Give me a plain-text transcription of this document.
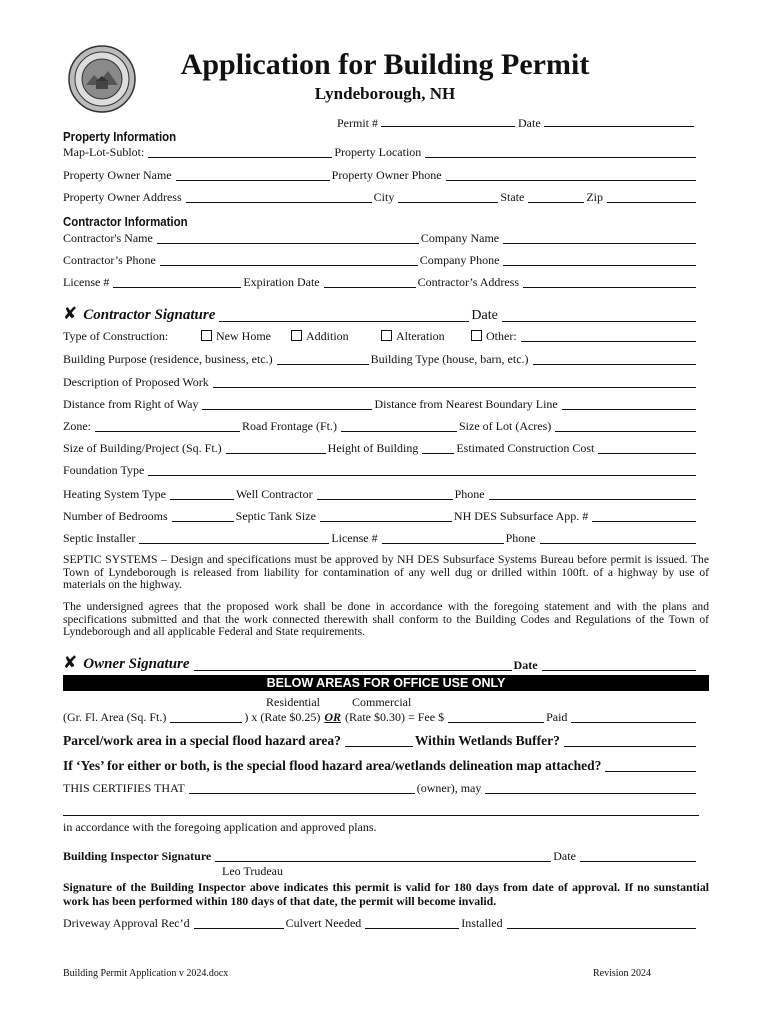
Application for Building Permit
Lyndeborough, NH
Permit #	Date
Property Information
Map-Lot-Sublot:	Property Location
Property Owner Name	Property Owner Phone
Property Owner Address	City	State	Zip
Contractor Information
Contractor's Name	Company Name
Contractor’s Phone	Company Phone
License #	Expiration Date	Contractor’s Address
✘ Contractor Signature	Date
Type of Construction:	New Home	Addition	Alteration	Other:
Building Purpose (residence, business, etc.)	Building Type (house, barn, etc.)
Description of Proposed Work
Distance from Right of Way	Distance from Nearest Boundary Line
Zone:	Road Frontage (Ft.)	Size of Lot (Acres)
Size of Building/Project (Sq. Ft.)	Height of Building	Estimated Construction Cost
Foundation Type
Heating System Type	Well Contractor	Phone
Number of Bedrooms	Septic Tank Size	NH DES Subsurface App. #
Septic Installer	License #	Phone
SEPTIC SYSTEMS – Design and specifications must be approved by NH DES Subsurface Systems Bureau before permit is issued. The Town of Lyndeborough is released from liability for contamination of any well dug or drilled within 100ft. of a highway by use of materials on the highway.
The undersigned agrees that the proposed work shall be done in accordance with the foregoing statement and with the plans and specifications submitted and that the work connected therewith shall conform to the Building Codes and Regulations of the Town of Lyndeborough and all applicable Federal and State requirements.
✘ Owner Signature	Date
BELOW AREAS FOR OFFICE USE ONLY
Residential	Commercial
(Gr. Fl. Area (Sq. Ft.)	) x (Rate $0.25) OR (Rate $0.30) = Fee $	Paid
Parcel/work area in a special flood hazard area?	Within Wetlands Buffer?
If ‘Yes’ for either or both, is the special flood hazard area/wetlands delineation map attached?
THIS CERTIFIES THAT	(owner), may
in accordance with the foregoing application and approved plans.
Building Inspector Signature	Date
Leo Trudeau
Signature of the Building Inspector above indicates this permit is valid for 180 days from date of approval. If no sunstantial work has been performed within 180 days of that date, the permit will become invalid.
Driveway Approval Rec’d	Culvert Needed	Installed
Building Permit Application v 2024.docx	Revision 2024
